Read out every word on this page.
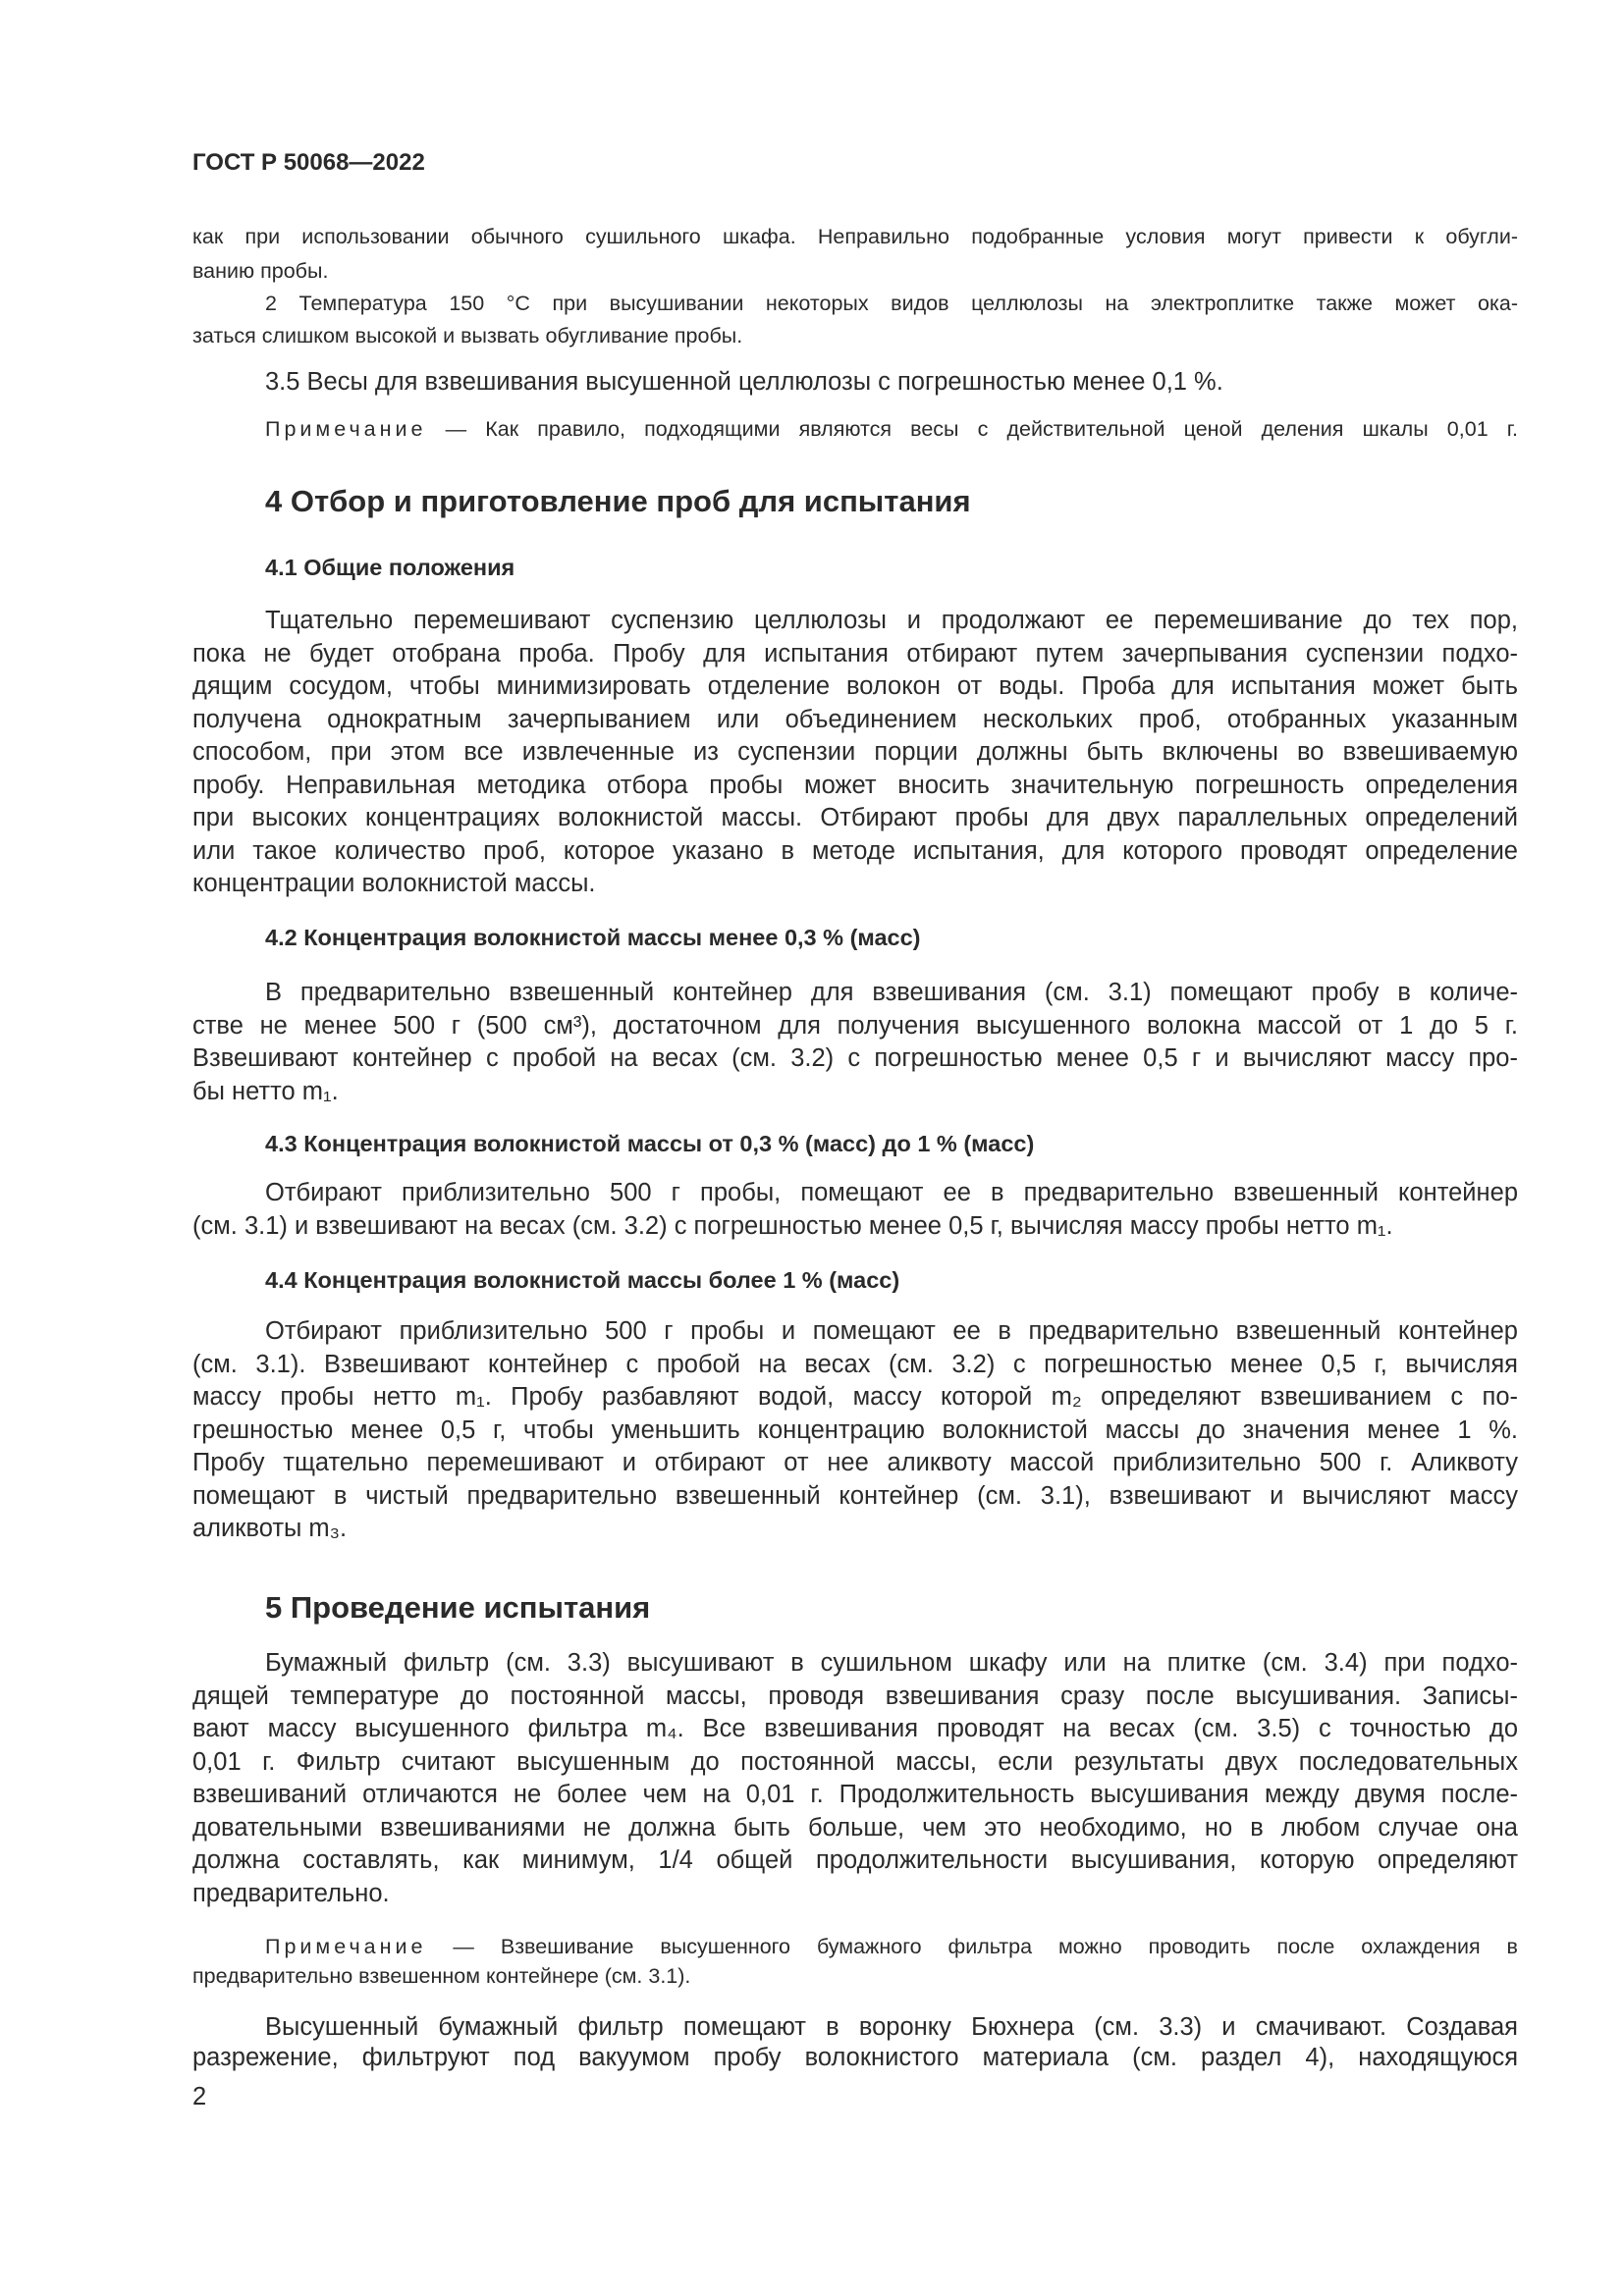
ГОСТ Р 50068—2022
как при использовании обычного сушильного шкафа. Неправильно подобранные условия могут привести к обугли-
ванию пробы.
2 Температура 150 °С при высушивании некоторых видов целлюлозы на электроплитке также может ока-
заться слишком высокой и вызвать обугливание пробы.
3.5 Весы для взвешивания высушенной целлюлозы с погрешностью менее 0,1 %.
Примечание — Как правило, подходящими являются весы с действительной ценой деления шкалы 0,01 г.
4 Отбор и приготовление проб для испытания
4.1 Общие положения
Тщательно перемешивают суспензию целлюлозы и продолжают ее перемешивание до тех пор,
пока не будет отобрана проба. Пробу для испытания отбирают путем зачерпывания суспензии подхо-
дящим сосудом, чтобы минимизировать отделение волокон от воды. Проба для испытания может быть
получена однократным зачерпыванием или объединением нескольких проб, отобранных указанным
способом, при этом все извлеченные из суспензии порции должны быть включены во взвешиваемую
пробу. Неправильная методика отбора пробы может вносить значительную погрешность определения
при высоких концентрациях волокнистой массы. Отбирают пробы для двух параллельных определений
или такое количество проб, которое указано в методе испытания, для которого проводят определение
концентрации волокнистой массы.
4.2 Концентрация волокнистой массы менее 0,3 % (масс)
В предварительно взвешенный контейнер для взвешивания (см. 3.1) помещают пробу в количе-
стве не менее 500 г (500 см³), достаточном для получения высушенного волокна массой от 1 до 5 г.
Взвешивают контейнер с пробой на весах (см. 3.2) с погрешностью менее 0,5 г и вычисляют массу про-
бы нетто m₁.
4.3 Концентрация волокнистой массы от 0,3 % (масс) до 1 % (масс)
Отбирают приблизительно 500 г пробы, помещают ее в предварительно взвешенный контейнер
(см. 3.1) и взвешивают на весах (см. 3.2) с погрешностью менее 0,5 г, вычисляя массу пробы нетто m₁.
4.4 Концентрация волокнистой массы более 1 % (масс)
Отбирают приблизительно 500 г пробы и помещают ее в предварительно взвешенный контейнер
(см. 3.1). Взвешивают контейнер с пробой на весах (см. 3.2) с погрешностью менее 0,5 г, вычисляя
массу пробы нетто m₁. Пробу разбавляют водой, массу которой m₂ определяют взвешиванием с по-
грешностью менее 0,5 г, чтобы уменьшить концентрацию волокнистой массы до значения менее 1 %.
Пробу тщательно перемешивают и отбирают от нее аликвоту массой приблизительно 500 г. Аликвоту
помещают в чистый предварительно взвешенный контейнер (см. 3.1), взвешивают и вычисляют массу
аликвоты m₃.
5 Проведение испытания
Бумажный фильтр (см. 3.3) высушивают в сушильном шкафу или на плитке (см. 3.4) при подхо-
дящей температуре до постоянной массы, проводя взвешивания сразу после высушивания. Записы-
вают массу высушенного фильтра m₄. Все взвешивания проводят на весах (см. 3.5) с точностью до
0,01 г. Фильтр считают высушенным до постоянной массы, если результаты двух последовательных
взвешиваний отличаются не более чем на 0,01 г. Продолжительность высушивания между двумя после-
довательными взвешиваниями не должна быть больше, чем это необходимо, но в любом случае она
должна составлять, как минимум, 1/4 общей продолжительности высушивания, которую определяют
предварительно.
Примечание — Взвешивание высушенного бумажного фильтра можно проводить после охлаждения в
предварительно взвешенном контейнере (см. 3.1).
Высушенный бумажный фильтр помещают в воронку Бюхнера (см. 3.3) и смачивают. Создавая
разрежение, фильтруют под вакуумом пробу волокнистого материала (см. раздел 4), находящуюся
2
